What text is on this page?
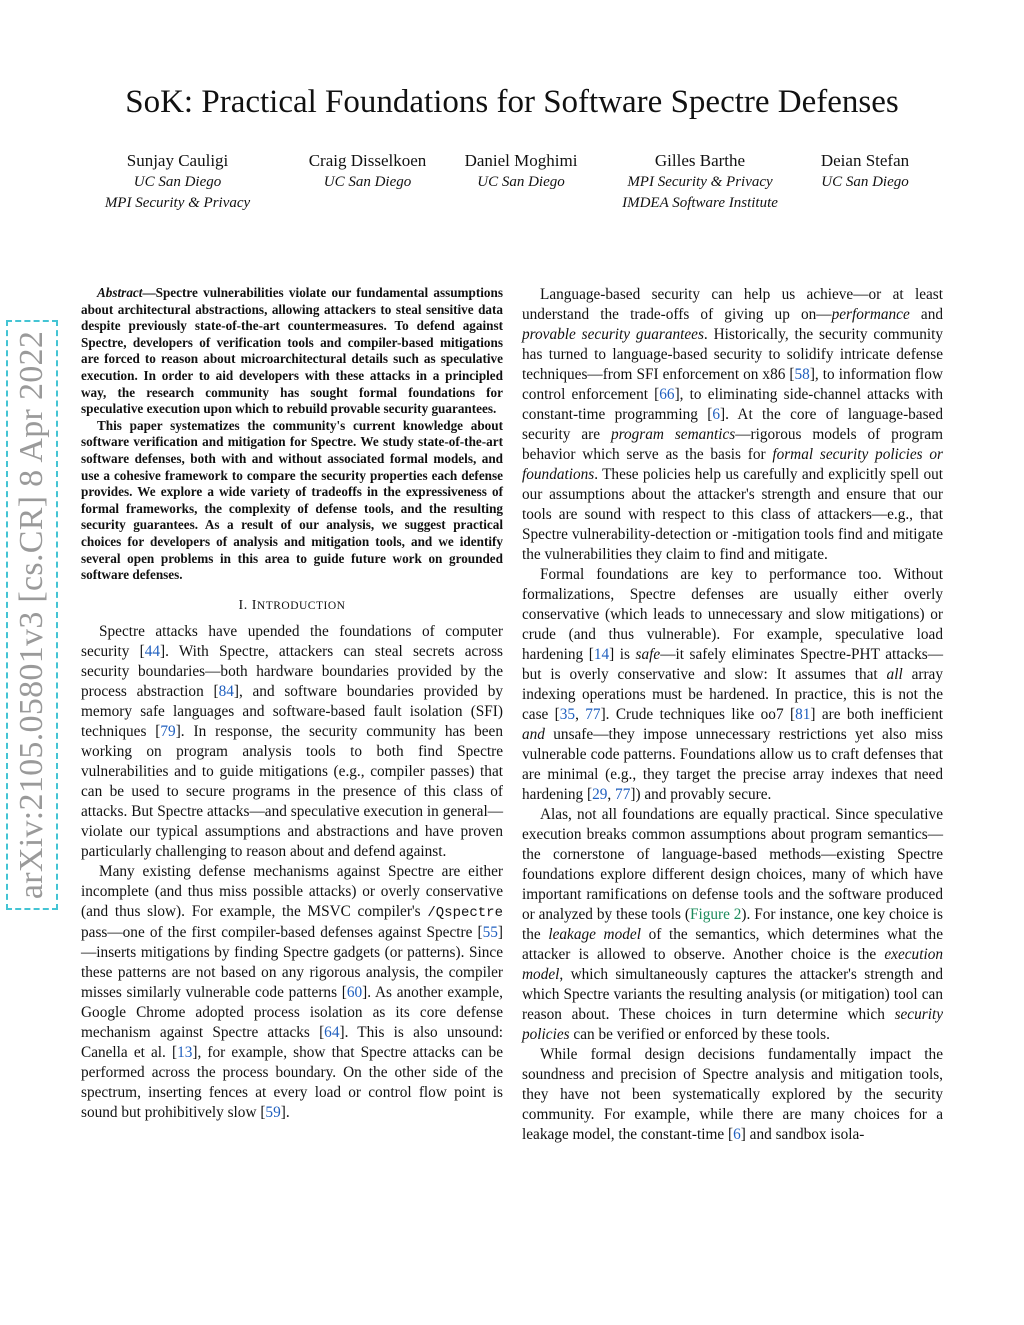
arXiv:2105.05801v3 [cs.CR] 8 Apr 2022
SoK: Practical Foundations for Software Spectre Defenses
Sunjay Cauligi
UC San Diego
MPI Security & Privacy
Craig Disselkoen
UC San Diego
Daniel Moghimi
UC San Diego
Gilles Barthe
MPI Security & Privacy
IMDEA Software Institute
Deian Stefan
UC San Diego

Abstract—Spectre vulnerabilities violate our fundamental assumptions about architectural abstractions, allowing attackers to steal sensitive data despite previously state-of-the-art countermeasures. To defend against Spectre, developers of verification tools and compiler-based mitigations are forced to reason about microarchitectural details such as speculative execution. In order to aid developers with these attacks in a principled way, the research community has sought formal foundations for speculative execution upon which to rebuild provable security guarantees.

This paper systematizes the community's current knowledge about software verification and mitigation for Spectre. We study state-of-the-art software defenses, both with and without associated formal models, and use a cohesive framework to compare the security properties each defense provides. We explore a wide variety of tradeoffs in the expressiveness of formal frameworks, the complexity of defense tools, and the resulting security guarantees. As a result of our analysis, we suggest practical choices for developers of analysis and mitigation tools, and we identify several open problems in this area to guide future work on grounded software defenses.

I. INTRODUCTION

Spectre attacks have upended the foundations of computer security [44]. With Spectre, attackers can steal secrets across security boundaries—both hardware boundaries provided by the process abstraction [84], and software boundaries provided by memory safe languages and software-based fault isolation (SFI) techniques [79]. In response, the security community has been working on program analysis tools to both find Spectre vulnerabilities and to guide mitigations (e.g., compiler passes) that can be used to secure programs in the presence of this class of attacks. But Spectre attacks—and speculative execution in general—violate our typical assumptions and abstractions and have proven particularly challenging to reason about and defend against.

Many existing defense mechanisms against Spectre are either incomplete (and thus miss possible attacks) or overly conservative (and thus slow). For example, the MSVC compiler's /Qspectre pass—one of the first compiler-based defenses against Spectre [55]—inserts mitigations by finding Spectre gadgets (or patterns). Since these patterns are not based on any rigorous analysis, the compiler misses similarly vulnerable code patterns [60]. As another example, Google Chrome adopted process isolation as its core defense mechanism against Spectre attacks [64]. This is also unsound: Canella et al. [13], for example, show that Spectre attacks can be performed across the process boundary. On the other side of the spectrum, inserting fences at every load or control flow point is sound but prohibitively slow [59].

Language-based security can help us achieve—or at least understand the trade-offs of giving up on—performance and provable security guarantees. Historically, the security community has turned to language-based security to solidify intricate defense techniques—from SFI enforcement on x86 [58], to information flow control enforcement [66], to eliminating side-channel attacks with constant-time programming [6]. At the core of language-based security are program semantics—rigorous models of program behavior which serve as the basis for formal security policies or foundations. These policies help us carefully and explicitly spell out our assumptions about the attacker's strength and ensure that our tools are sound with respect to this class of attackers—e.g., that Spectre vulnerability-detection or -mitigation tools find and mitigate the vulnerabilities they claim to find and mitigate.

Formal foundations are key to performance too. Without formalizations, Spectre defenses are usually either overly conservative (which leads to unnecessary and slow mitigations) or crude (and thus vulnerable). For example, speculative load hardening [14] is safe—it safely eliminates Spectre-PHT attacks—but is overly conservative and slow: It assumes that all array indexing operations must be hardened. In practice, this is not the case [35, 77]. Crude techniques like oo7 [81] are both inefficient and unsafe—they impose unnecessary restrictions yet also miss vulnerable code patterns. Foundations allow us to craft defenses that are minimal (e.g., they target the precise array indexes that need hardening [29, 77]) and provably secure.

Alas, not all foundations are equally practical. Since speculative execution breaks common assumptions about program semantics—the cornerstone of language-based methods—existing Spectre foundations explore different design choices, many of which have important ramifications on defense tools and the software produced or analyzed by these tools (Figure 2). For instance, one key choice is the leakage model of the semantics, which determines what the attacker is allowed to observe. Another choice is the execution model, which simultaneously captures the attacker's strength and which Spectre variants the resulting analysis (or mitigation) tool can reason about. These choices in turn determine which security policies can be verified or enforced by these tools.

While formal design decisions fundamentally impact the soundness and precision of Spectre analysis and mitigation tools, they have not been systematically explored by the security community. For example, while there are many choices for a leakage model, the constant-time [6] and sandbox isola-
